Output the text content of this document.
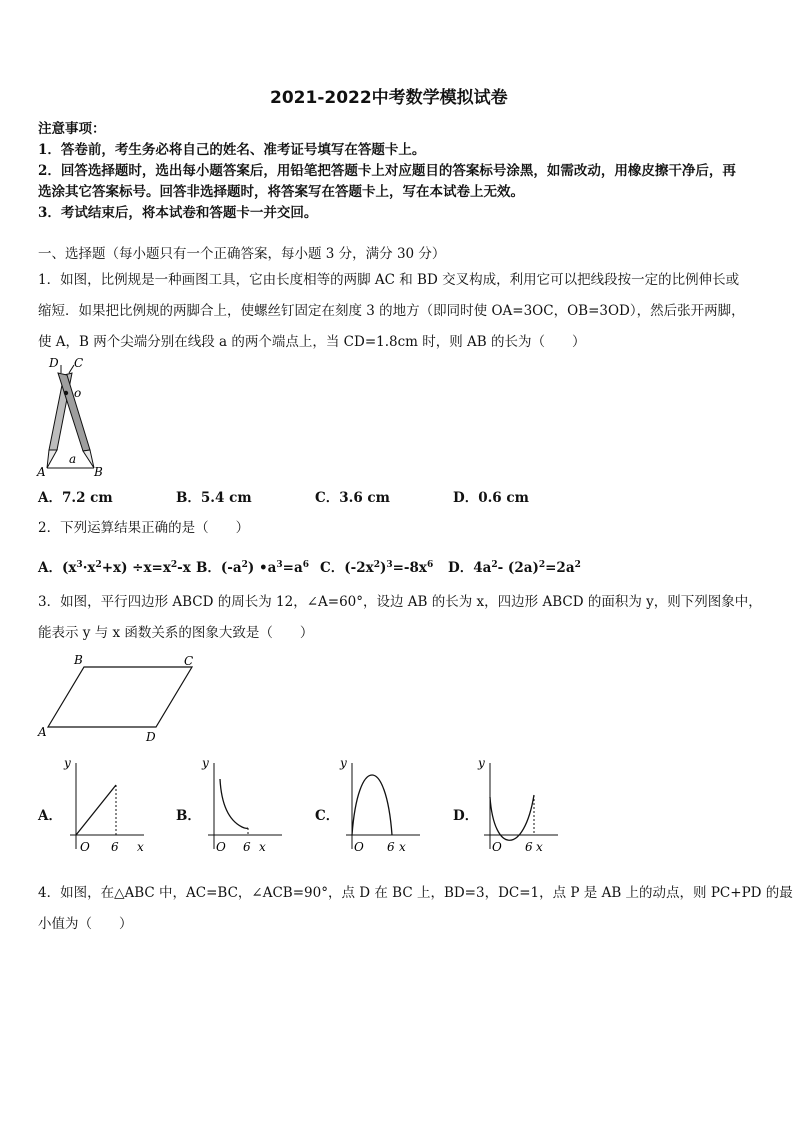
2021-2022中考数学模拟试卷
注意事项：
1．答卷前，考生务必将自己的姓名、准考证号填写在答题卡上。
2．回答选择题时，选出每小题答案后，用铅笔把答题卡上对应题目的答案标号涂黑，如需改动，用橡皮擦干净后，再
选涂其它答案标号。回答非选择题时，将答案写在答题卡上，写在本试卷上无效。
3．考试结束后，将本试卷和答题卡一并交回。
一、选择题（每小题只有一个正确答案，每小题 3 分，满分 30 分）
1．如图，比例规是一种画图工具，它由长度相等的两脚 AC 和 BD 交叉构成，利用它可以把线段按一定的比例伸长或
缩短．如果把比例规的两脚合上，使螺丝钉固定在刻度 3 的地方（即同时使 OA=3OC，OB=3OD），然后张开两脚，
使 A，B 两个尖端分别在线段 a 的两个端点上，当 CD=1.8cm 时，则 AB 的长为（　　）
D C
o
A
a
B
A．7.2 cm	B．5.4 cm	C．3.6 cm	D．0.6 cm
2．下列运算结果正确的是（　　）
A．$(x^3\cdot x^2+x) \div x=x^2-x$ B．$(-a^2)$ $•a^3=a^6$ C．$(-2x^2)^3=-8x^6$ D．$4a^2-$ $(2a)^2=2a^2$
3．如图，平行四边形 ABCD 的周长为 12，∠A=60°，设边 AB 的长为 x，四边形 ABCD 的面积为 y，则下列图象中，
能表示 y 与 x 函数关系的图象大致是（　　）
B	C
A	D
A．
y
x
O 6
B．
y
x
O 6
C．
y
x
O 6
D．
y
x
O 6
4．如图，在△ABC 中，AC=BC，∠ACB=90°，点 D 在 BC 上，BD=3，DC=1，点 P 是 AB 上的动点，则 PC+PD 的最
小值为（　　）
